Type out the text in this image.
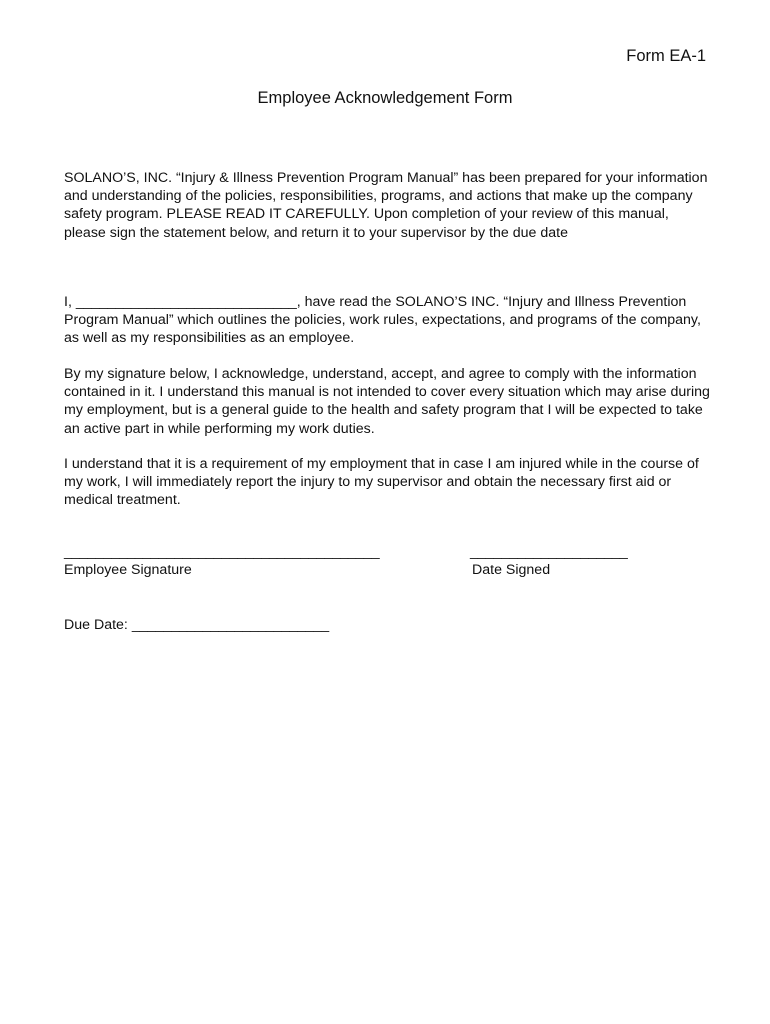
Form EA-1
Employee Acknowledgement Form

SOLANO’S, INC. “Injury & Illness Prevention Program Manual” has been prepared for your information and understanding of the policies, responsibilities, programs, and actions that make up the company safety program. PLEASE READ IT CAREFULLY. Upon completion of your review of this manual, please sign the statement below, and return it to your supervisor by the due date

I, ____________________________, have read the SOLANO’S INC. “Injury and Illness Prevention Program Manual” which outlines the policies, work rules, expectations, and programs of the company, as well as my responsibilities as an employee.

By my signature below, I acknowledge, understand, accept, and agree to comply with the information contained in it. I understand this manual is not intended to cover every situation which may arise during my employment, but is a general guide to the health and safety program that I will be expected to take an active part in while performing my work duties.

I understand that it is a requirement of my employment that in case I am injured while in the course of my work, I will immediately report the injury to my supervisor and obtain the necessary first aid or medical treatment.

________________________________________	____________________
Employee Signature	Date Signed
Due Date: _________________________
